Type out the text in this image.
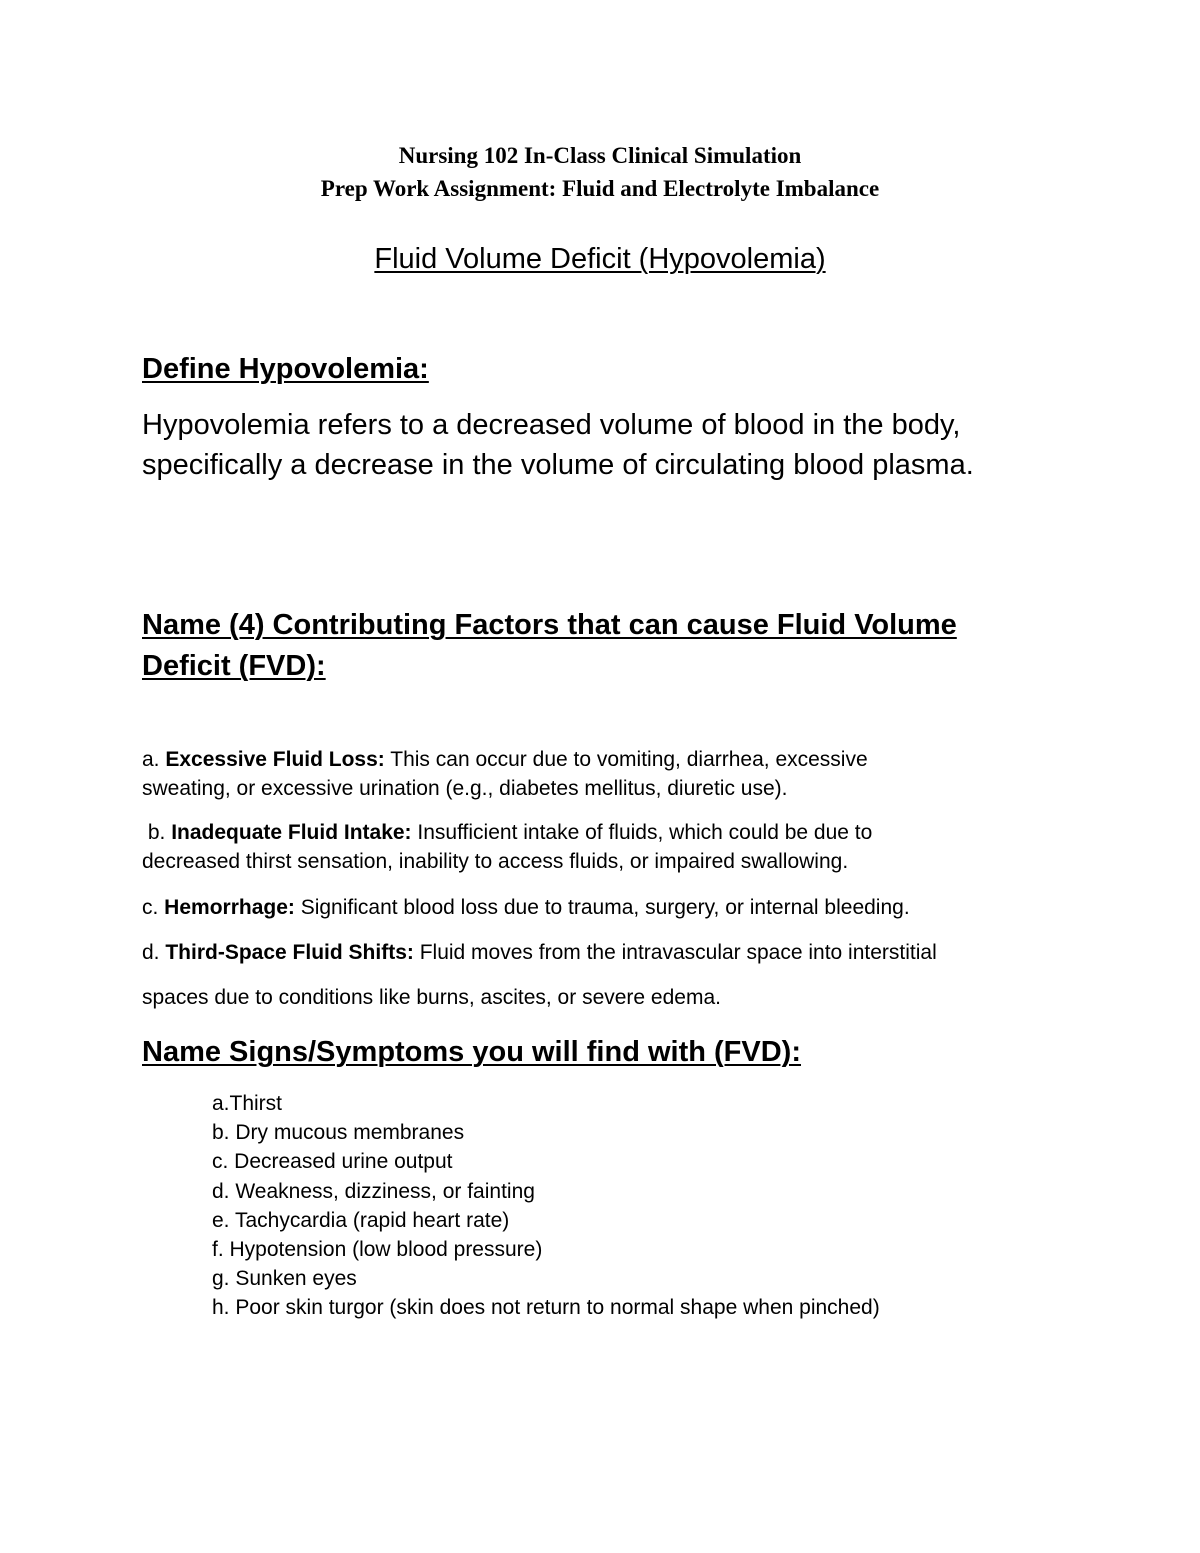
Nursing 102 In-Class Clinical Simulation
Prep Work Assignment: Fluid and Electrolyte Imbalance
Fluid Volume Deficit (Hypovolemia)
Define Hypovolemia:
Hypovolemia refers to a decreased volume of blood in the body,
specifically a decrease in the volume of circulating blood plasma.
Name (4) Contributing Factors that can cause Fluid Volume
Deficit (FVD):
a. Excessive Fluid Loss: This can occur due to vomiting, diarrhea, excessive
sweating, or excessive urination (e.g., diabetes mellitus, diuretic use).
b. Inadequate Fluid Intake: Insufficient intake of fluids, which could be due to
decreased thirst sensation, inability to access fluids, or impaired swallowing.
c. Hemorrhage: Significant blood loss due to trauma, surgery, or internal bleeding.
d. Third-Space Fluid Shifts: Fluid moves from the intravascular space into interstitial
spaces due to conditions like burns, ascites, or severe edema.
Name Signs/Symptoms you will find with (FVD):
a.Thirst
b. Dry mucous membranes
c. Decreased urine output
d. Weakness, dizziness, or fainting
e. Tachycardia (rapid heart rate)
f. Hypotension (low blood pressure)
g. Sunken eyes
h. Poor skin turgor (skin does not return to normal shape when pinched)
